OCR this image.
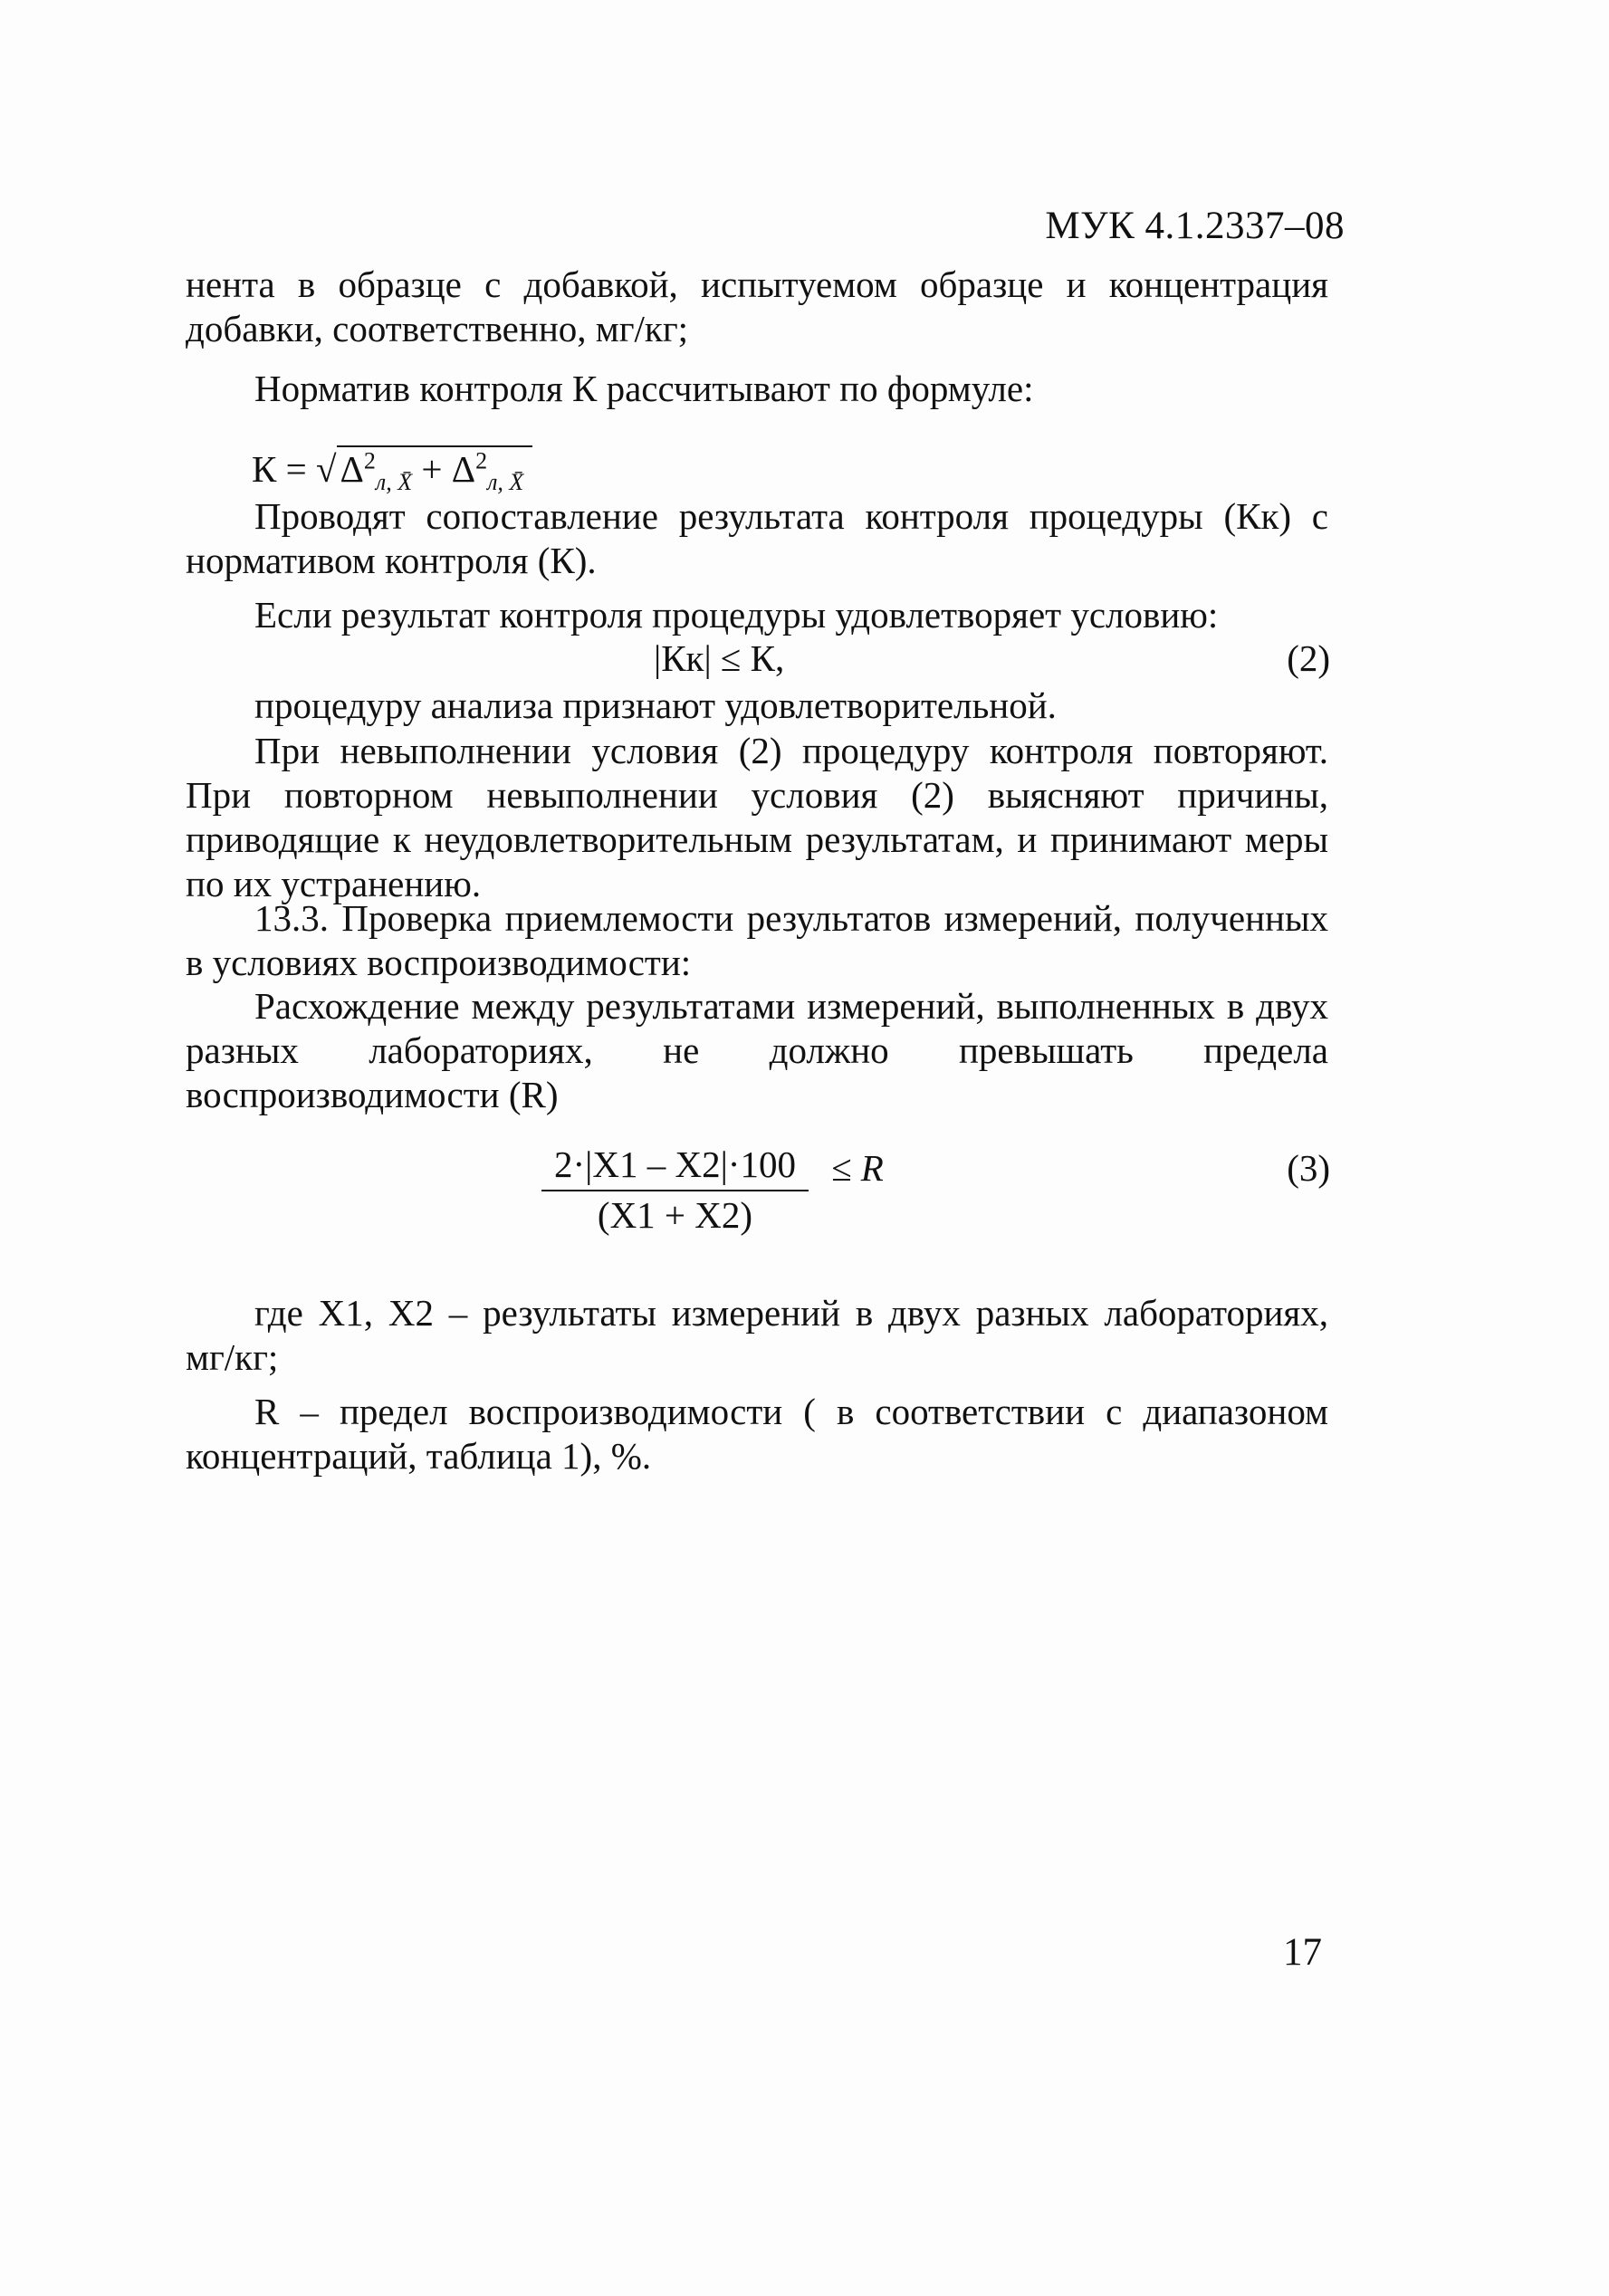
МУК 4.1.2337–08
нента в образце с добавкой, испытуемом образце и концентрация добавки, соответственно, мг/кг;
Норматив контроля К рассчитывают по формуле:
$К = √\Delta^2_{л, X̄} + \Delta^2_{л, X̄}$
Проводят сопоставление результата контроля процедуры (Кк) с нормативом контроля (К).
Если результат контроля процедуры удовлетворяет условию:
|Кк| ≤ К,	(2)
процедуру анализа признают удовлетворительной.
При невыполнении условия (2) процедуру контроля повторяют. При повторном невыполнении условия (2) выясняют причины, приводящие к неудовлетворительным результатам, и принимают меры по их устранению.
13.3. Проверка приемлемости результатов измерений, полученных в условиях воспроизводимости:
Расхождение между результатами измерений, выполненных в двух разных лабораториях, не должно превышать предела воспроизводимости (R)
$\frac{2\cdot|X1 - X2|\cdot 100}{(X1 + X2)} \le R$	(3)
где X1, X2 – результаты измерений в двух разных лабораториях, мг/кг;
R – предел воспроизводимости ( в соответствии с диапазоном концентраций, таблица 1), %.
17
